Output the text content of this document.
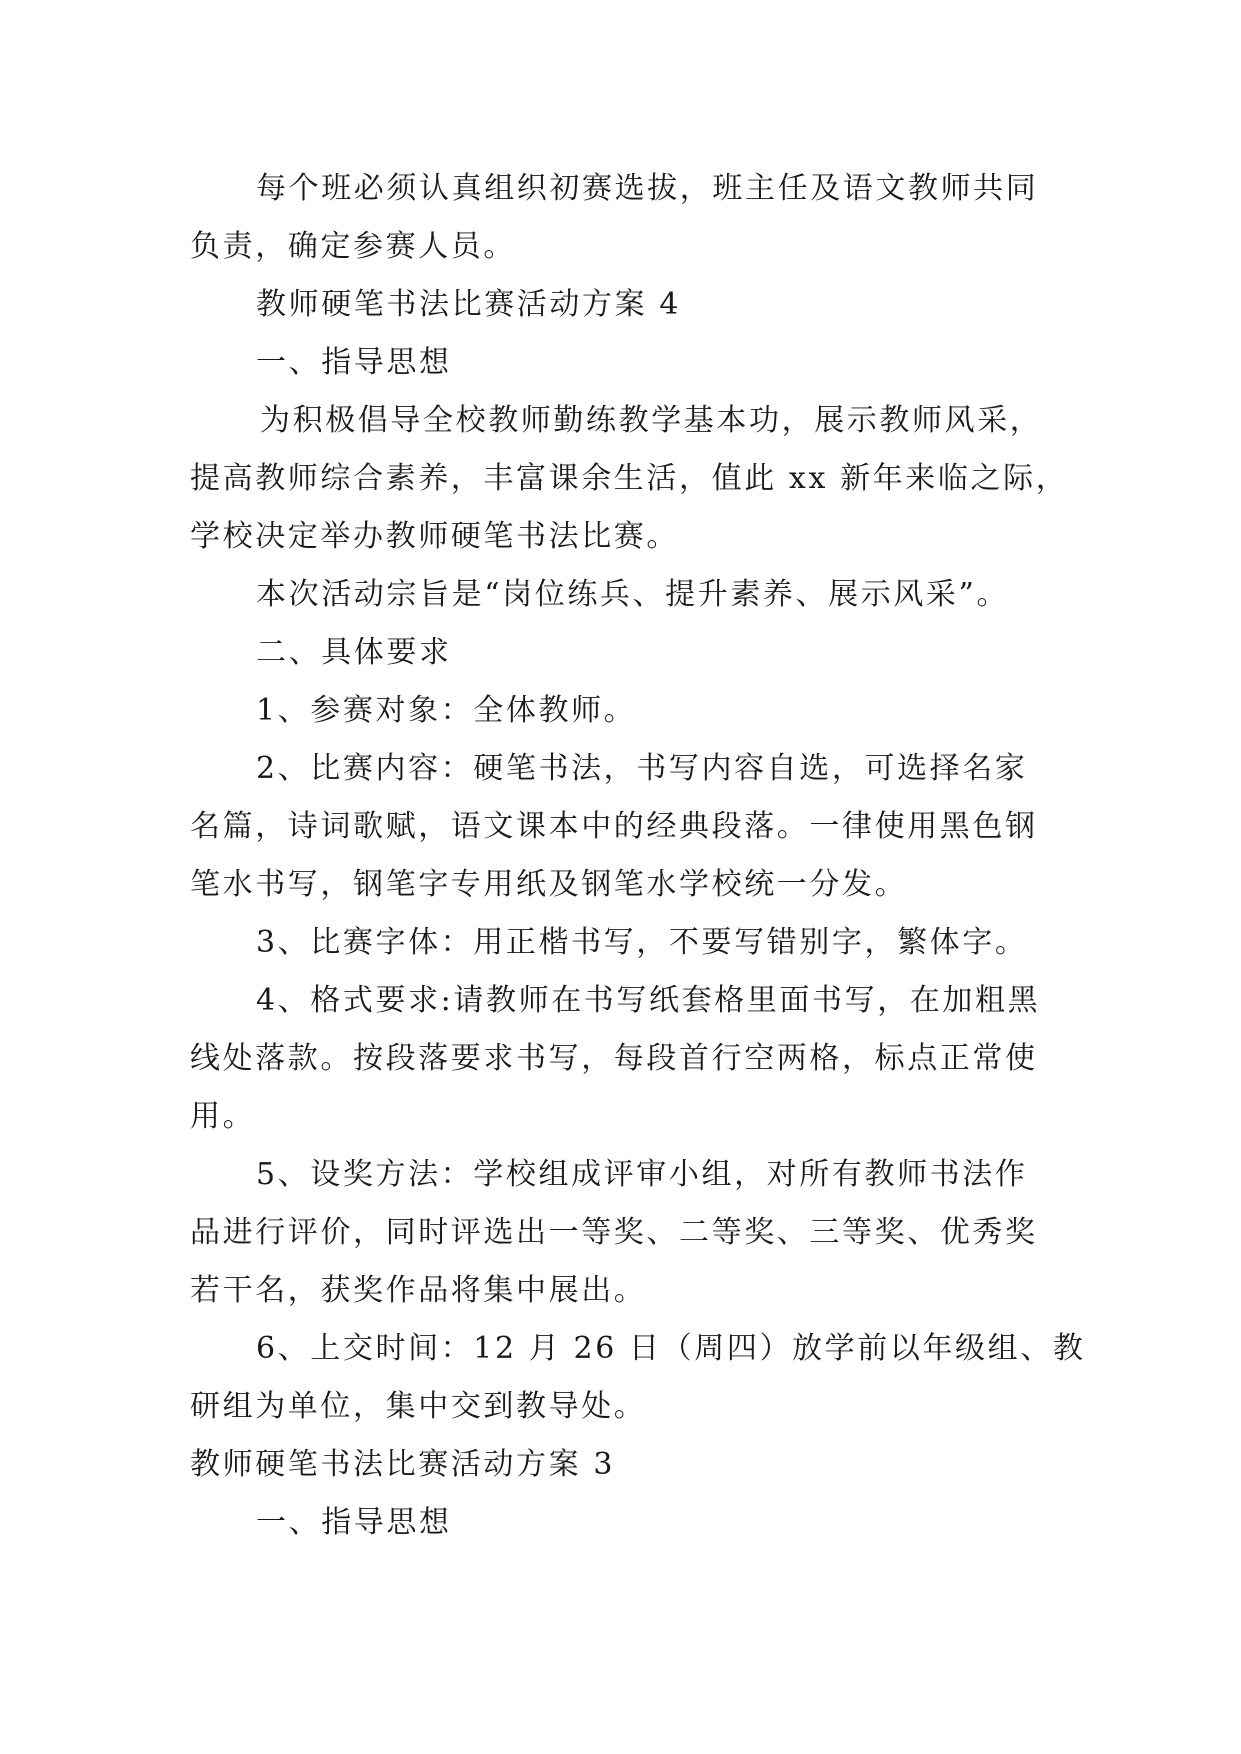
每个班必须认真组织初赛选拔，班主任及语文教师共同

负责，确定参赛人员。

教师硬笔书法比赛活动方案 4

一、指导思想

为积极倡导全校教师勤练教学基本功，展示教师风采，

提高教师综合素养，丰富课余生活，值此 xx 新年来临之际，

学校决定举办教师硬笔书法比赛。

本次活动宗旨是“岗位练兵、提升素养、展示风采”。

二、具体要求

1、参赛对象：全体教师。

2、比赛内容：硬笔书法，书写内容自选，可选择名家

名篇，诗词歌赋，语文课本中的经典段落。一律使用黑色钢

笔水书写，钢笔字专用纸及钢笔水学校统一分发。

3、比赛字体：用正楷书写，不要写错别字，繁体字。

4、格式要求:请教师在书写纸套格里面书写，在加粗黑

线处落款。按段落要求书写，每段首行空两格，标点正常使

用。

5、设奖方法：学校组成评审小组，对所有教师书法作

品进行评价，同时评选出一等奖、二等奖、三等奖、优秀奖

若干名，获奖作品将集中展出。

6、上交时间：12 月 26 日（周四）放学前以年级组、教

研组为单位，集中交到教导处。

教师硬笔书法比赛活动方案 3

一、指导思想
